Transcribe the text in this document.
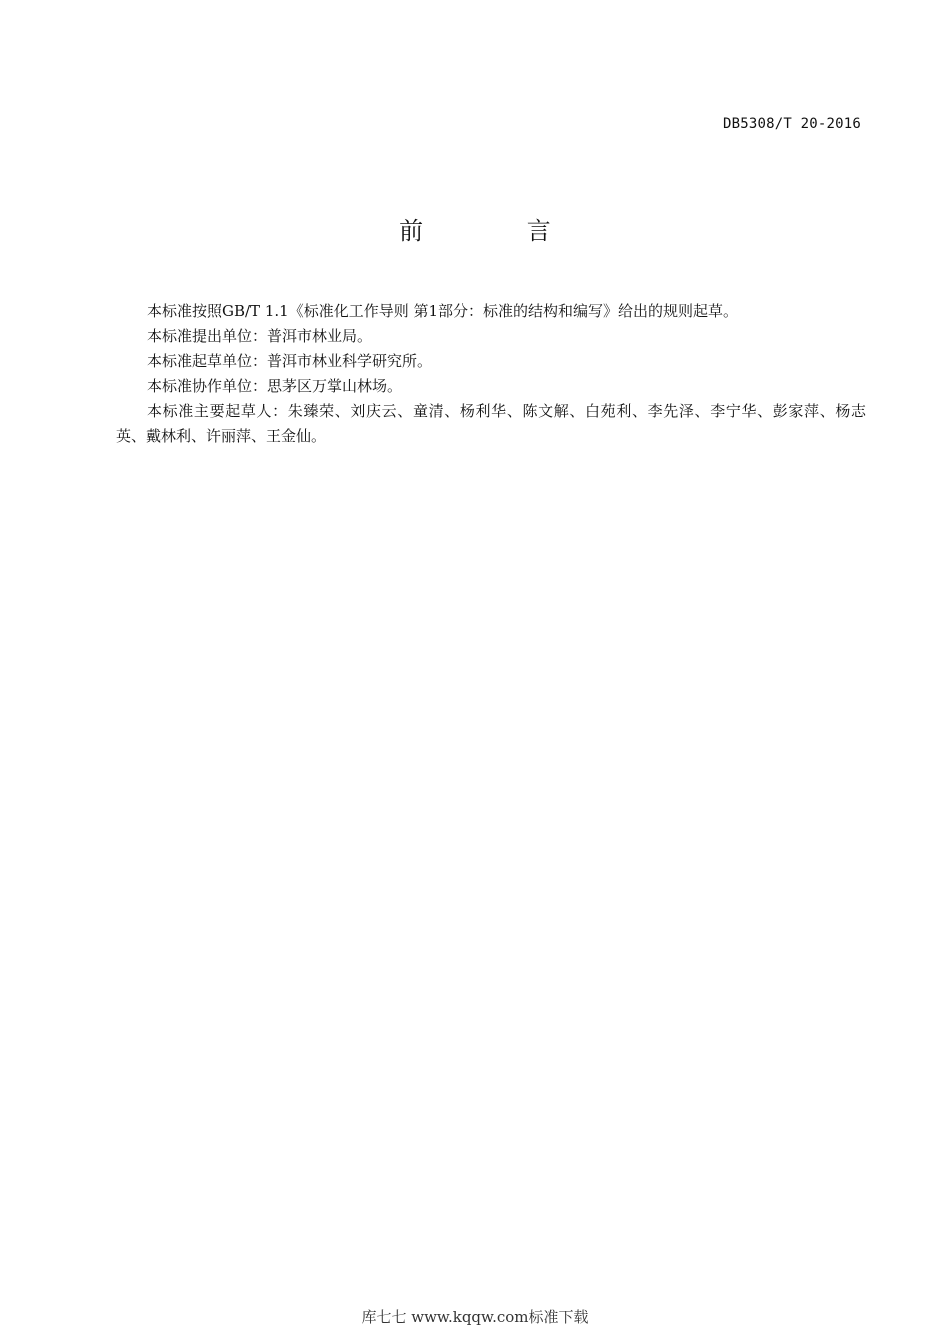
DB5308/T 20-2016
前 言

本标准按照GB/T 1.1《标准化工作导则 第1部分：标准的结构和编写》给出的规则起草。

本标准提出单位：普洱市林业局。

本标准起草单位：普洱市林业科学研究所。

本标准协作单位：思茅区万掌山林场。

本标准主要起草人：朱臻荣、刘庆云、童清、杨利华、陈文解、白苑利、李先泽、李宁华、彭家萍、杨志英、戴林利、许丽萍、王金仙。

库七七 www.kqqw.com标准下载
